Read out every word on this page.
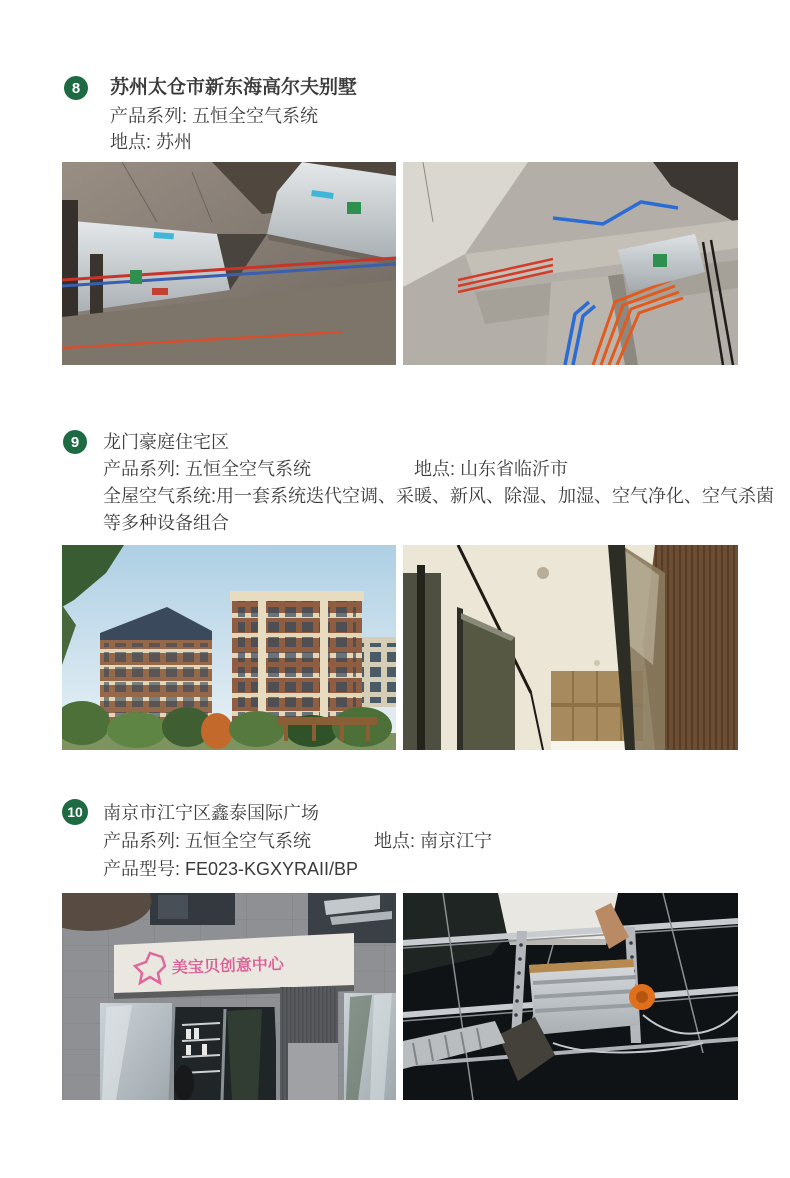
8	苏州太仓市新东海高尔夫别墅
产品系列: 五恒全空气系统
地点: 苏州
9	龙门豪庭住宅区
产品系列: 五恒全空气系统	地点: 山东省临沂市
全屋空气系统:用一套系统迭代空调、采暖、新风、除湿、加湿、空气净化、空气杀菌
等多种设备组合
10 南京市江宁区鑫泰国际广场
产品系列: 五恒全空气系统	地点: 南京江宁
产品型号: FE023-KGXYRAII/BP
美宝贝创意中心
